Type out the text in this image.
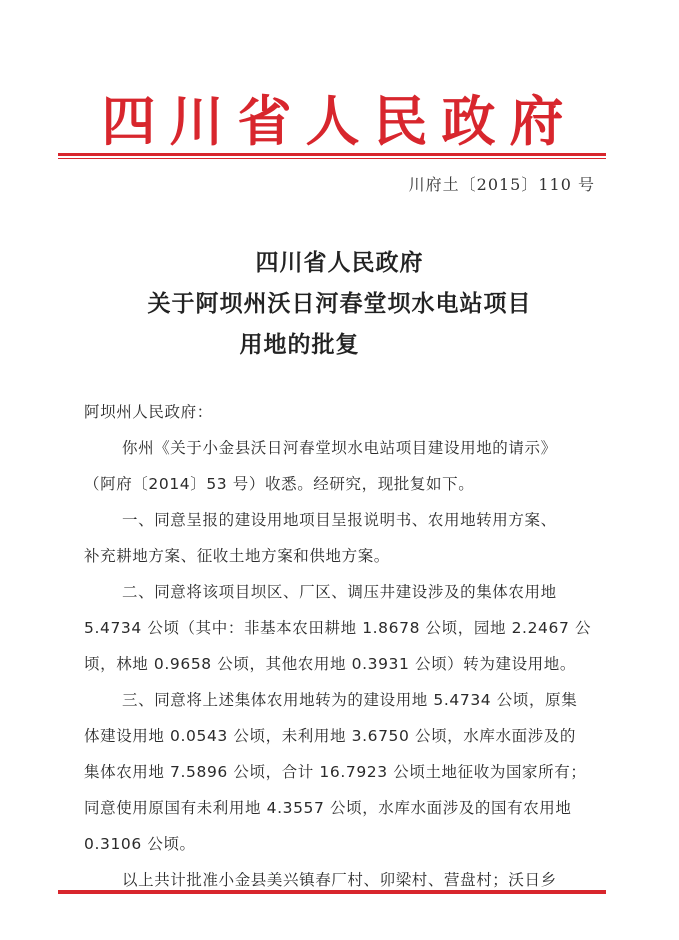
四川省人民政府
川府土〔2015〕110 号
四川省人民政府
关于阿坝州沃日河春堂坝水电站项目
用地的批复
阿坝州人民政府：
你州《关于小金县沃日河春堂坝水电站项目建设用地的请示》
（阿府〔2014〕53 号）收悉。经研究，现批复如下。
一、同意呈报的建设用地项目呈报说明书、农用地转用方案、
补充耕地方案、征收土地方案和供地方案。
二、同意将该项目坝区、厂区、调压井建设涉及的集体农用地
5.4734 公顷（其中：非基本农田耕地 1.8678 公顷，园地 2.2467 公
顷，林地 0.9658 公顷，其他农用地 0.3931 公顷）转为建设用地。
三、同意将上述集体农用地转为的建设用地 5.4734 公顷，原集
体建设用地 0.0543 公顷，未利用地 3.6750 公顷，水库水面涉及的
集体农用地 7.5896 公顷，合计 16.7923 公顷土地征收为国家所有；
同意使用原国有未利用地 4.3557 公顷，水库水面涉及的国有农用地
0.3106 公顷。
以上共计批准小金县美兴镇春厂村、卯梁村、营盘村；沃日乡
